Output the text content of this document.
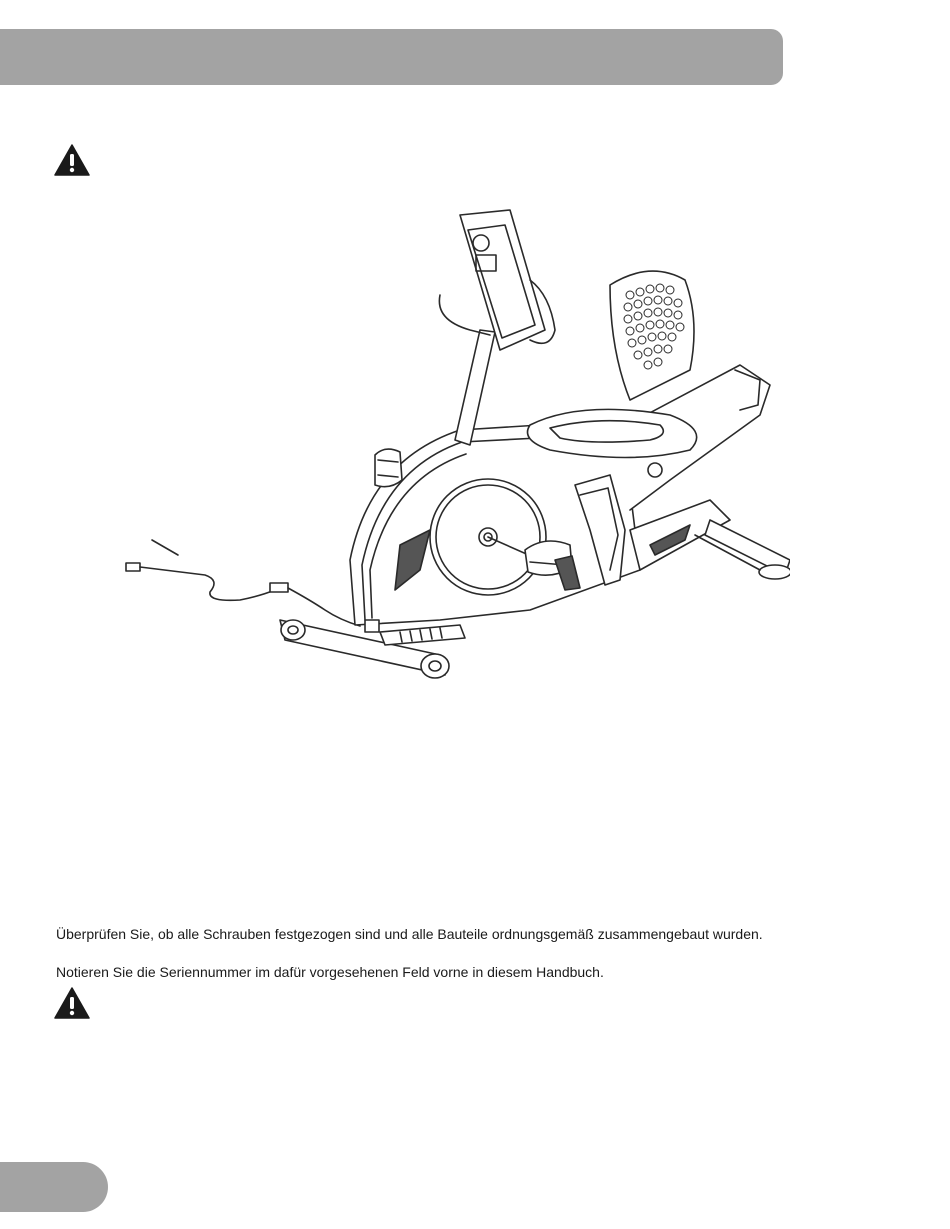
Überprüfen Sie, ob alle Schrauben festgezogen sind und alle Bauteile ordnungsgemäß zusammengebaut wurden.

Notieren Sie die Seriennummer im dafür vorgesehenen Feld vorne in diesem Handbuch.
